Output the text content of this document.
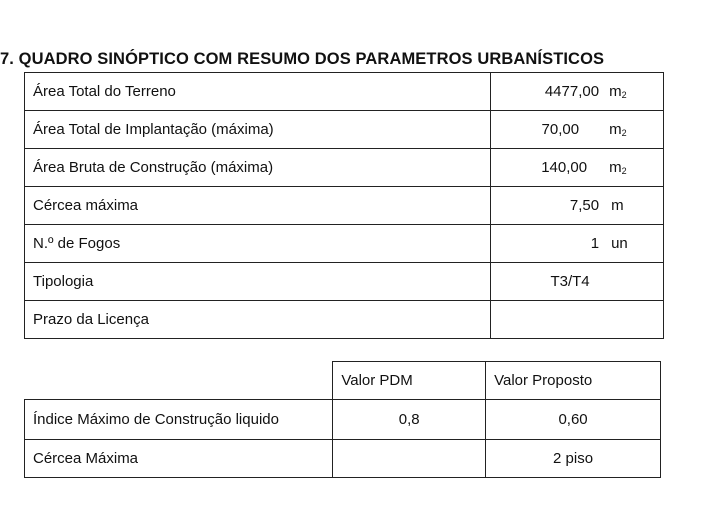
7. QUADRO SINÓPTICO COM RESUMO DOS PARAMETROS URBANÍSTICOS
Área Total do Terreno	4477,00 $m_2$

Área Total de Implantação (máxima)	70,00 $m_2$

Área Bruta de Construção (máxima)	140,00 $m_2$

Cércea máxima	7,50 m

N.º de Fogos	1 un

Tipologia	T3/T4

Prazo da Licença	
	Valor PDM	Valor Proposto
Índice Máximo de Construção liquido	0,8	0,60
Cércea Máxima		2 piso
